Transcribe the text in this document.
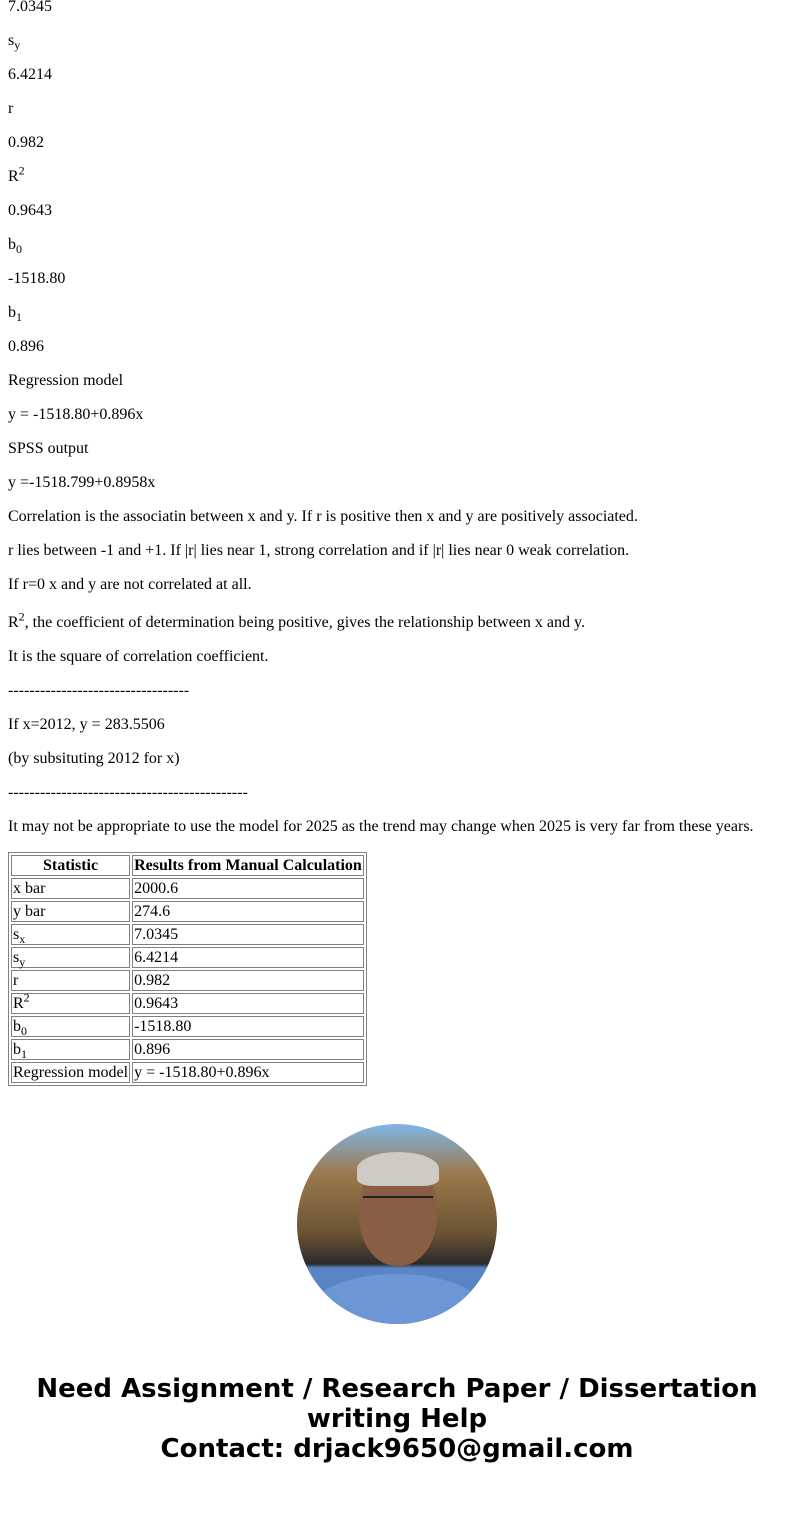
7.0345

$s_y$

6.4214

r

0.982

$R^2$

0.9643

$b_0$

-1518.80

$b_1$

0.896

Regression model

y = -1518.80+0.896x

SPSS output

y =-1518.799+0.8958x

Correlation is the associatin between x and y. If r is positive then x and y are positively associated.

r lies between -1 and +1. If |r| lies near 1, strong correlation and if |r| lies near 0 weak correlation.

If r=0 x and y are not correlated at all.

$R^2$, the coefficient of determination being positive, gives the relationship between x and y.

It is the square of correlation coefficient.

----------------------------------

If x=2012, y = 283.5506

(by subsituting 2012 for x)

---------------------------------------------

It may not be appropriate to use the model for 2025 as the trend may change when 2025 is very far from these years.

Statistic	Results from Manual Calculation
x bar	2000.6
y bar	274.6
$s_x$	7.0345
$s_y$	6.4214
r	0.982
$R^2$	0.9643
$b_0$	-1518.80
$b_1$	0.896
Regression model	y = -1518.80+0.896x
Need Assignment / Research Paper / Dissertation
writing Help
Contact: drjack9650@gmail.com
